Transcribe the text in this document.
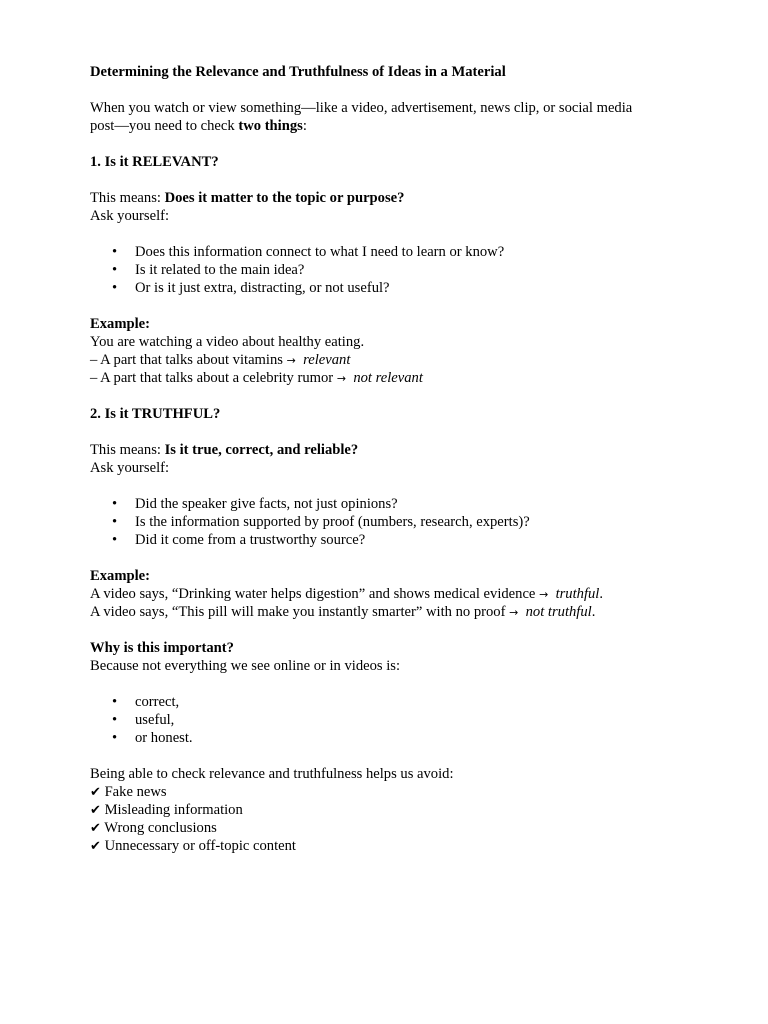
Determining the Relevance and Truthfulness of Ideas in a Material
When you watch or view something—like a video, advertisement, news clip, or social media
post—you need to check two things:
1. Is it RELEVANT?
This means: Does it matter to the topic or purpose?
Ask yourself:
• Does this information connect to what I need to learn or know?
• Is it related to the main idea?
• Or is it just extra, distracting, or not useful?
Example:
You are watching a video about healthy eating.
– A part that talks about vitamins → relevant
– A part that talks about a celebrity rumor → not relevant
2. Is it TRUTHFUL?
This means: Is it true, correct, and reliable?
Ask yourself:
• Did the speaker give facts, not just opinions?
• Is the information supported by proof (numbers, research, experts)?
• Did it come from a trustworthy source?
Example:
A video says, “Drinking water helps digestion” and shows medical evidence → truthful.
A video says, “This pill will make you instantly smarter” with no proof → not truthful.
Why is this important?
Because not everything we see online or in videos is:
• correct,
• useful,
• or honest.
Being able to check relevance and truthfulness helps us avoid:
✔ Fake news
✔ Misleading information
✔ Wrong conclusions
✔ Unnecessary or off-topic content
